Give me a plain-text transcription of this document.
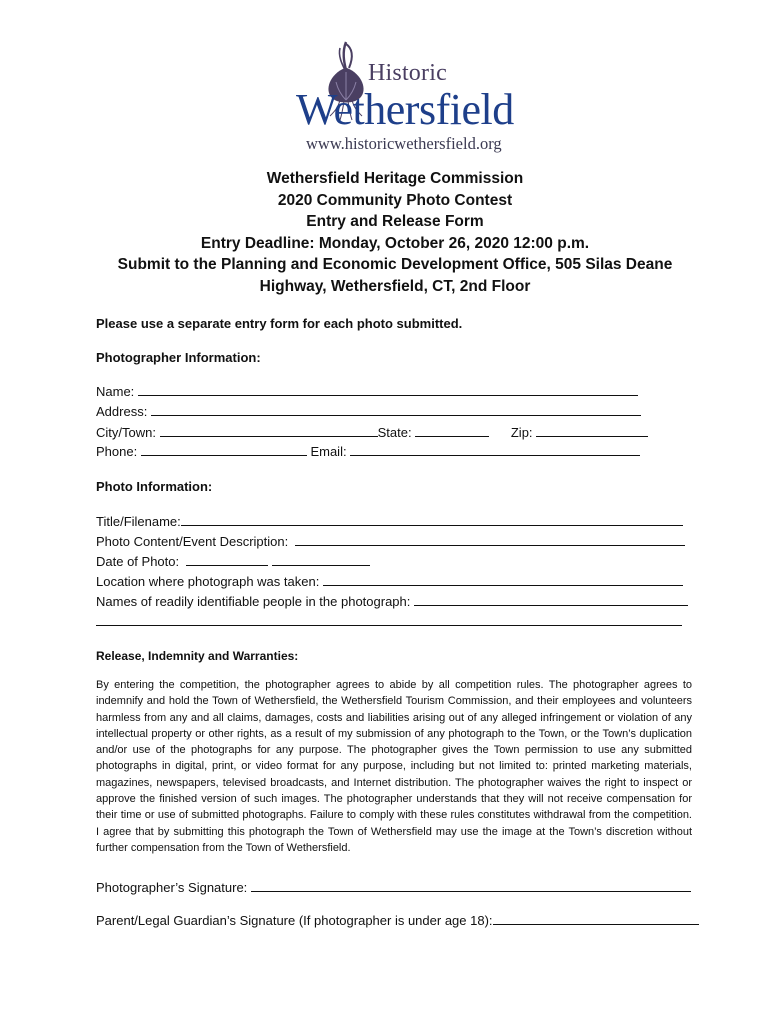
Historic
Wethersfield
www.historicwethersfield.org
Wethersfield Heritage Commission
2020 Community Photo Contest
Entry and Release Form
Entry Deadline: Monday, October 26, 2020 12:00 p.m.
Submit to the Planning and Economic Development Office, 505 Silas Deane
Highway, Wethersfield, CT, 2nd Floor
Please use a separate entry form for each photo submitted.
Photographer Information:
Name:
Address:
City/Town:	State:	Zip:
Phone:	Email:
Photo Information:
Title/Filename:
Photo Content/Event Description:
Date of Photo:
Location where photograph was taken:
Names of readily identifiable people in the photograph:
Release, Indemnity and Warranties:
By entering the competition, the photographer agrees to abide by all competition rules. The photographer agrees to indemnify and hold the Town of Wethersfield, the Wethersfield Tourism Commission, and their employees and volunteers harmless from any and all claims, damages, costs and liabilities arising out of any alleged infringement or violation of any intellectual property or other rights, as a result of my submission of any photograph to the Town, or the Town’s duplication and/or use of the photographs for any purpose. The photographer gives the Town permission to use any submitted photographs in digital, print, or video format for any purpose, including but not limited to: printed marketing materials, magazines, newspapers, televised broadcasts, and Internet distribution. The photographer waives the right to inspect or approve the finished version of such images. The photographer understands that they will not receive compensation for their time or use of submitted photographs. Failure to comply with these rules constitutes withdrawal from the competition. I agree that by submitting this photograph the Town of Wethersfield may use the image at the Town’s discretion without further compensation from the Town of Wethersfield.
Photographer’s Signature:
Parent/Legal Guardian’s Signature (If photographer is under age 18):
